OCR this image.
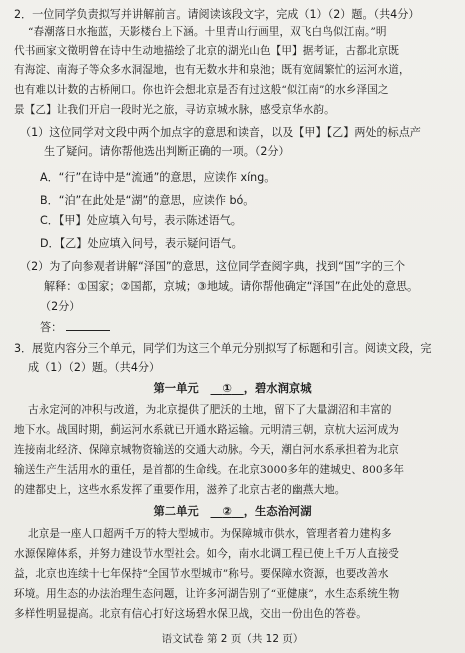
2．一位同学负责拟写并讲解前言。请阅读该段文字，完成（1）（2）题。（共4分）
“春潮落日水拖蓝，天影楼台上下涵。十里青山行画里，双飞白鸟似江南。”明
代书画家文徵明曾在诗中生动地描绘了北京的湖光山色【甲】据考证，古都北京既
有海淀、南海子等众多水洞湿地，也有无数水井和泉池；既有宽阔繁忙的运河水道，
也有难以计数的古桥闸口。你也许会想北京是否有过这般“似江南”的水乡泽国之
景【乙】让我们开启一段时光之旅，寻访京城水脉，感受京华水韵。
（1）这位同学对文段中两个加点字的意思和读音，以及【甲】【乙】两处的标点产
生了疑问。请你帮他选出判断正确的一项。（2分）
A．“行”在诗中是“流通”的意思，应读作 xíng。
B．“泊”在此处是“湖”的意思，应读作 bó。
C．【甲】处应填入句号，表示陈述语气。
D．【乙】处应填入问号，表示疑问语气。
（2）为了向参观者讲解“泽国”的意思，这位同学查阅字典，找到“国”字的三个
解释：①国家；②国都，京城；③地域。请你帮他确定“泽国”在此处的意思。
（2分）
答：
3．展览内容分三个单元，同学们为这三个单元分别拟写了标题和引言。阅读文段，完
成（1）（2）题。（共4分）
第一单元 ① ，碧水润京城
古永定河的冲积与改道，为北京提供了肥沃的土地，留下了大量湖沼和丰富的
地下水。战国时期，蓟运河水系就已开通水路运输。元明清三朝，京杭大运河成为
连接南北经济、保障京城物资输送的交通大动脉。今天，潮白河水系承担着为北京
输送生产生活用水的重任，是首都的生命线。在北京3000多年的建城史、800多年
的建都史上，这些水系发挥了重要作用，滋养了北京古老的幽燕大地。
第二单元 ② ，生态治河湖
北京是一座人口超两千万的特大型城市。为保障城市供水，管理者着力建构多
水源保障体系，并努力建设节水型社会。如今，南水北调工程已使上千万人直接受
益，北京也连续十七年保持“全国节水型城市”称号。要保障水资源，也要改善水
环境。用生态的办法治理生态问题，让许多河湖告别了“亚健康”，水生态系统生物
多样性明显提高。北京有信心打好这场碧水保卫战，交出一份出色的答卷。
语文试卷 第 2 页（共 12 页）
